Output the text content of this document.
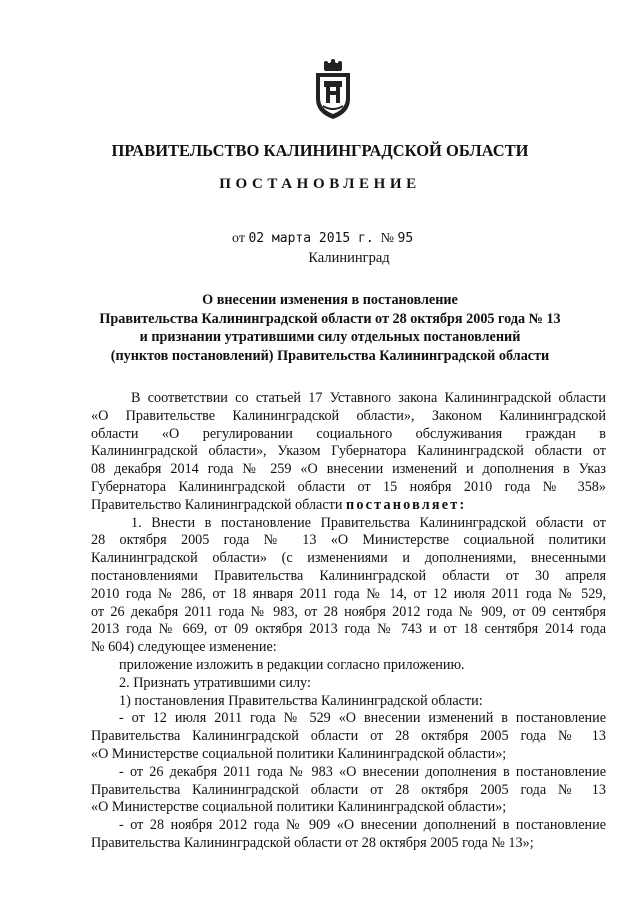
ПРАВИТЕЛЬСТВО КАЛИНИНГРАДСКОЙ ОБЛАСТИ
ПОСТАНОВЛЕНИЕ
от 02 марта 2015 г. № 95
Калининград
О внесении изменения в постановление
Правительства Калининградской области от 28 октября 2005 года № 13
и признании утратившими силу отдельных постановлений
(пунктов постановлений) Правительства Калининградской области

В соответствии со статьей 17 Уставного закона Калининградской области

«О Правительстве Калининградской области», Законом Калининградской

области «О регулировании социального обслуживания граждан в

Калининградской области», Указом Губернатора Калининградской области от

08 декабря 2014 года № 259 «О внесении изменений и дополнения в Указ

Губернатора Калининградской области от 15 ноября 2010 года № 358»

Правительство Калининградской области постановляет:

1. Внести в постановление Правительства Калининградской области от

28 октября 2005 года № 13 «О Министерстве социальной политики

Калининградской области» (с изменениями и дополнениями, внесенными

постановлениями Правительства Калининградской области от 30 апреля

2010 года № 286, от 18 января 2011 года № 14, от 12 июля 2011 года № 529,

от 26 декабря 2011 года № 983, от 28 ноября 2012 года № 909, от 09 сентября

2013 года № 669, от 09 октября 2013 года № 743 и от 18 сентября 2014 года

№ 604) следующее изменение:

приложение изложить в редакции согласно приложению.

2. Признать утратившими силу:

1) постановления Правительства Калининградской области:

- от 12 июля 2011 года № 529 «О внесении изменений в постановление

Правительства Калининградской области от 28 октября 2005 года № 13

«О Министерстве социальной политики Калининградской области»;

- от 26 декабря 2011 года № 983 «О внесении дополнения в постановление

Правительства Калининградской области от 28 октября 2005 года № 13

«О Министерстве социальной политики Калининградской области»;

- от 28 ноября 2012 года № 909 «О внесении дополнений в постановление

Правительства Калининградской области от 28 октября 2005 года № 13»;
